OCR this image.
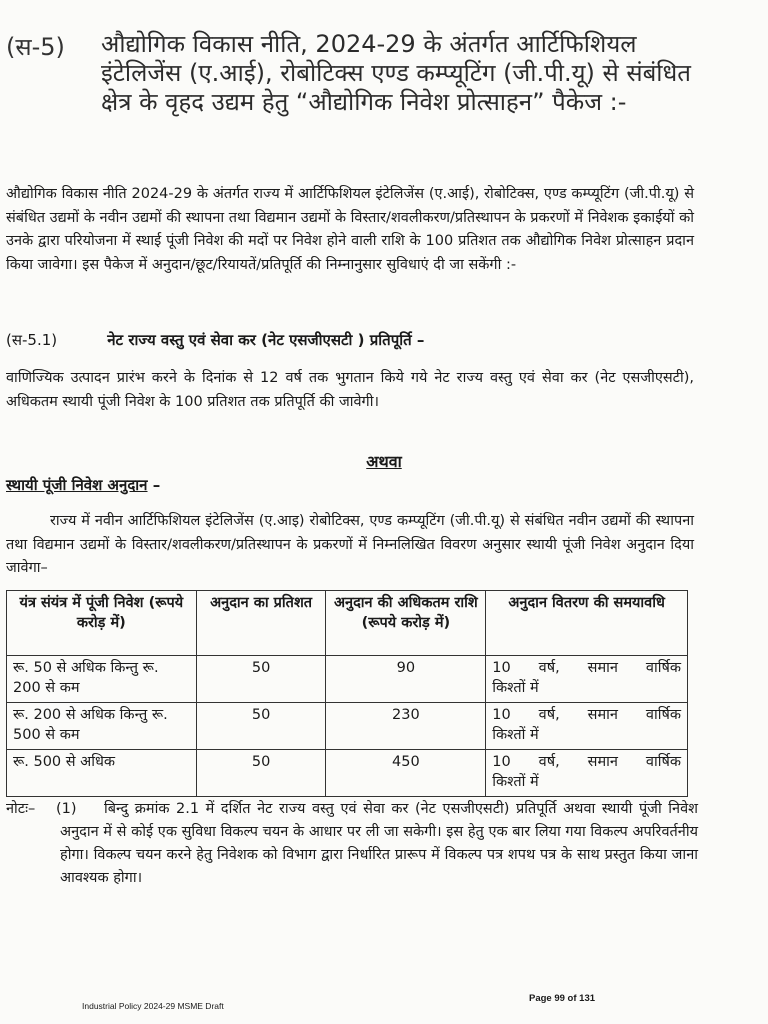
(स-5)	औद्योगिक विकास नीति, 2024-29 के अंतर्गत आर्टिफिशियल इंटेलिजेंस (ए.आई), रोबोटिक्स एण्ड कम्प्यूटिंग (जी.पी.यू) से संबंधित क्षेत्र के वृहद उद्यम हेतु “औद्योगिक निवेश प्रोत्साहन” पैकेज :-
औद्योगिक विकास नीति 2024-29 के अंतर्गत राज्य में आर्टिफिशियल इंटेलिजेंस (ए.आई), रोबोटिक्स, एण्ड कम्प्यूटिंग (जी.पी.यू) से संबंधित उद्यमों के नवीन उद्यमों की स्थापना तथा विद्यमान उद्यमों के विस्तार/शवलीकरण/प्रतिस्थापन के प्रकरणों में निवेशक इकाईयों को उनके द्वारा परियोजना में स्थाई पूंजी निवेश की मदों पर निवेश होने वाली राशि के 100 प्रतिशत तक औद्योगिक निवेश प्रोत्साहन प्रदान किया जावेगा। इस पैकेज में अनुदान/छूट/रियायतें/प्रतिपूर्ति की निम्नानुसार सुविधाएं दी जा सकेंगी :-
(स-5.1)	नेट राज्य वस्तु एवं सेवा कर (नेट एसजीएसटी ) प्रतिपूर्ति –
वाणिज्यिक उत्पादन प्रारंभ करने के दिनांक से 12 वर्ष तक भुगतान किये गये नेट राज्य वस्तु एवं सेवा कर (नेट एसजीएसटी), अधिकतम स्थायी पूंजी निवेश के 100 प्रतिशत तक प्रतिपूर्ति की जावेगी।
अथवा
स्थायी पूंजी निवेश अनुदान –
राज्य में नवीन आर्टिफिशियल इंटेलिजेंस (ए.आइ) रोबोटिक्स, एण्ड कम्प्यूटिंग (जी.पी.यू) से संबंधित नवीन उद्यमों की स्थापना तथा विद्यमान उद्यमों के विस्तार/शवलीकरण/प्रतिस्थापन के प्रकरणों में निम्नलिखित विवरण अनुसार स्थायी पूंजी निवेश अनुदान दिया जावेगा–
यंत्र संयंत्र में पूंजी निवेश (रूपये करोड़ में)	अनुदान का प्रतिशत	अनुदान की अधिकतम राशि (रूपये करोड़ में)	अनुदान वितरण की समयावधि
रू. 50 से अधिक किन्तु रू. 200 से कम	50	90	10 वर्ष, समान वार्षिक
किश्तों में
रू. 200 से अधिक किन्तु रू. 500 से कम	50	230	10 वर्ष, समान वार्षिक
किश्तों में
रू. 500 से अधिक	50	450	10 वर्ष, समान वार्षिक
किश्तों में
नोटः–	(1)	बिन्दु क्रमांक 2.1 में दर्शित नेट राज्य वस्तु एवं सेवा कर (नेट एसजीएसटी) प्रतिपूर्ति अथवा स्थायी पूंजी निवेश अनुदान में से कोई एक सुविधा विकल्प चयन के आधार पर ली जा सकेगी। इस हेतु एक बार लिया गया विकल्प अपरिवर्तनीय होगा। विकल्प चयन करने हेतु निवेशक को विभाग द्वारा निर्धारित प्रारूप में विकल्प पत्र शपथ पत्र के साथ प्रस्तुत किया जाना आवश्यक होगा।
Industrial Policy 2024-29 MSME Draft
Page 99 of 131
